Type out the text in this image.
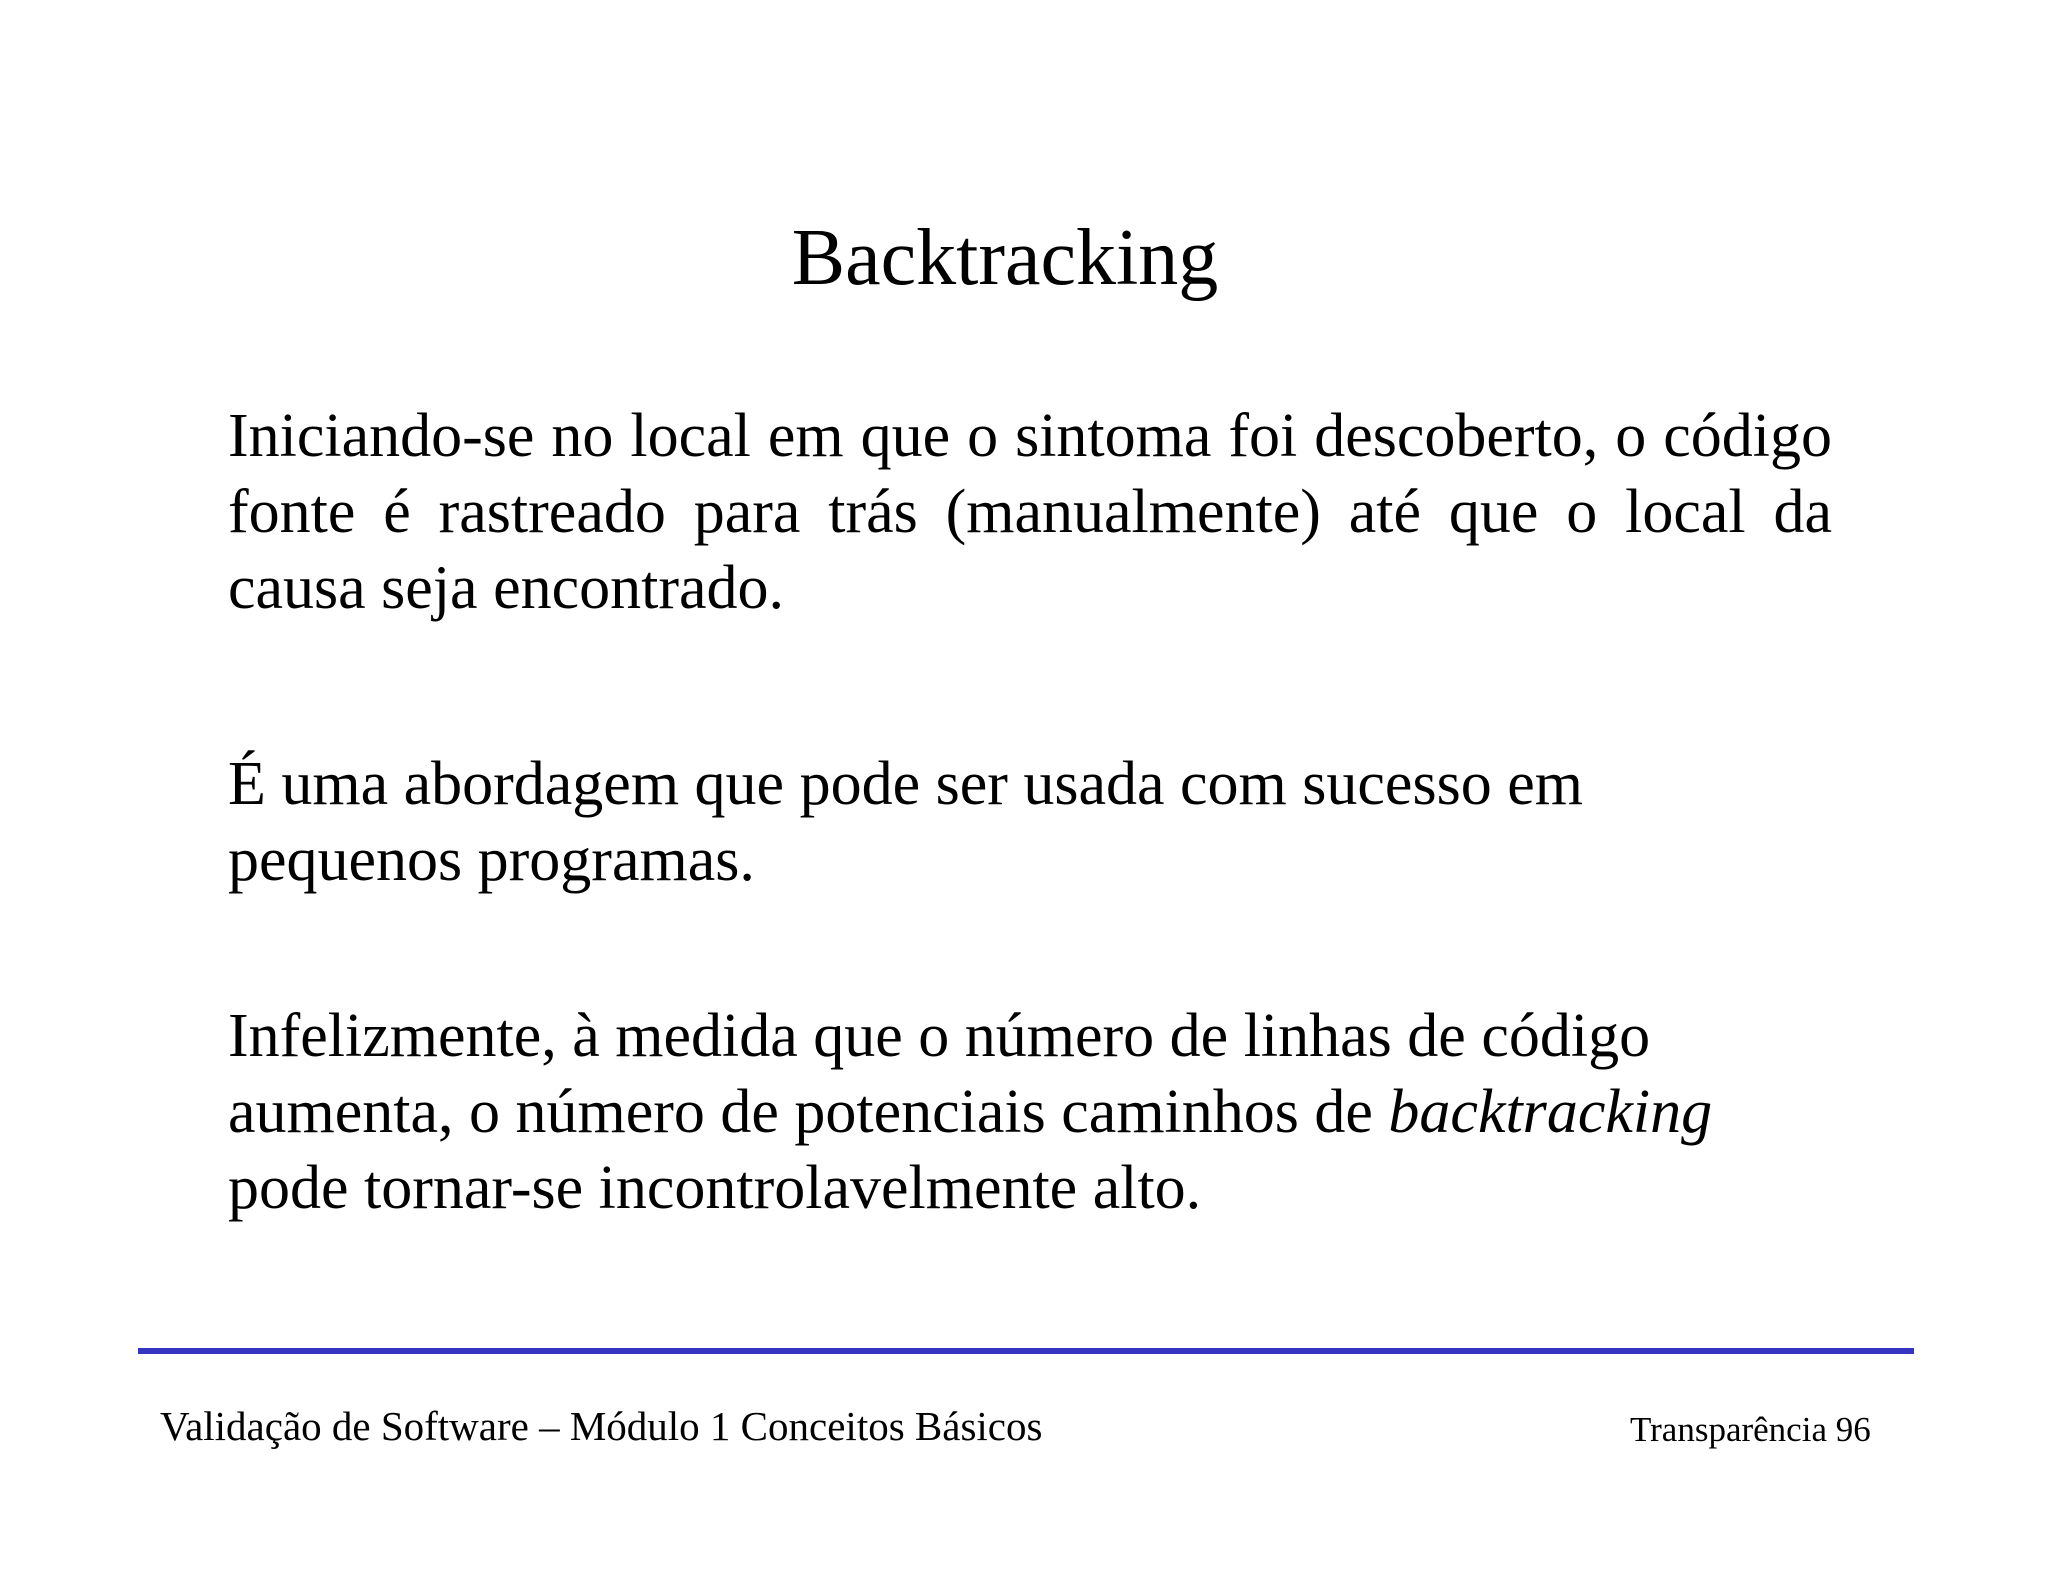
Backtracking

Iniciando-se no local em que o sintoma foi descoberto, o código fonte é rastreado para trás (manualmente) até que o local da causa seja encontrado.

É uma abordagem que pode ser usada com sucesso em pequenos programas.

Infelizmente, à medida que o número de linhas de código aumenta, o número de potenciais caminhos de backtracking pode tornar-se incontrolavelmente alto.

Validação de Software – Módulo 1 Conceitos Básicos	Transparência 96
